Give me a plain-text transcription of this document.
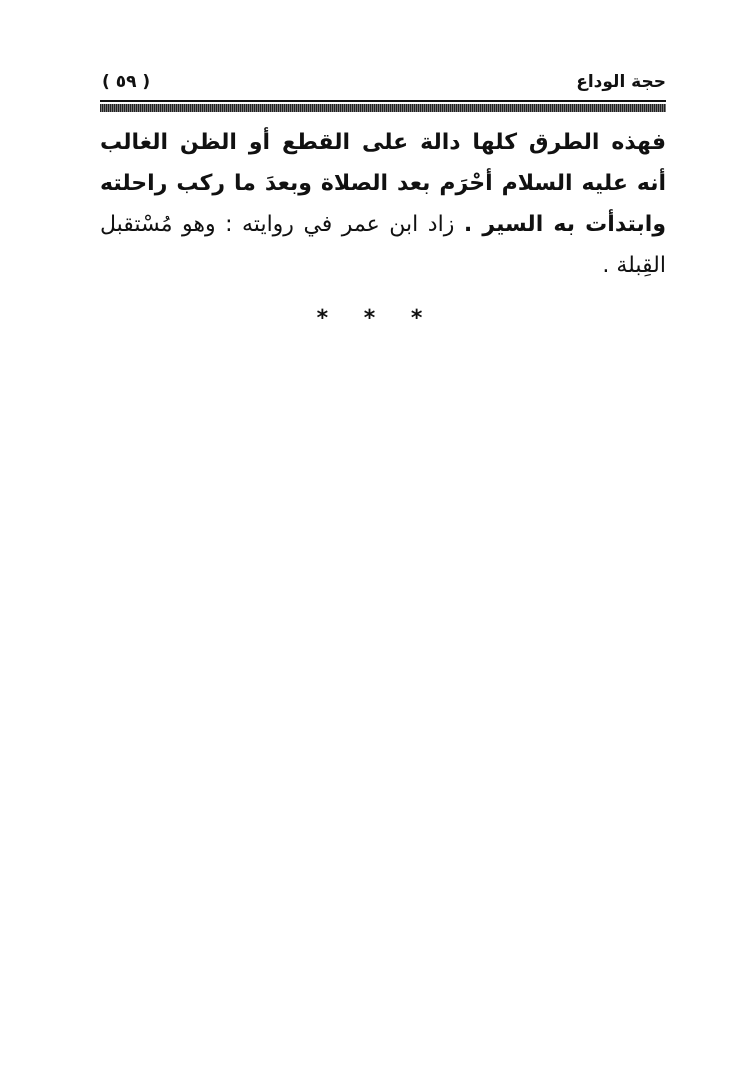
حجة الوداع
( ٥٩ )

فهذه الطرق كلها دالة على القطع أو الظن الغالب أنه عليه السلام أحْرَم بعد الصلاة وبعدَ ما ركب راحلته وابتدأت به السير . زاد ابن عمر في روايته : وهو مُسْتقبل القِبلة .

* * *
